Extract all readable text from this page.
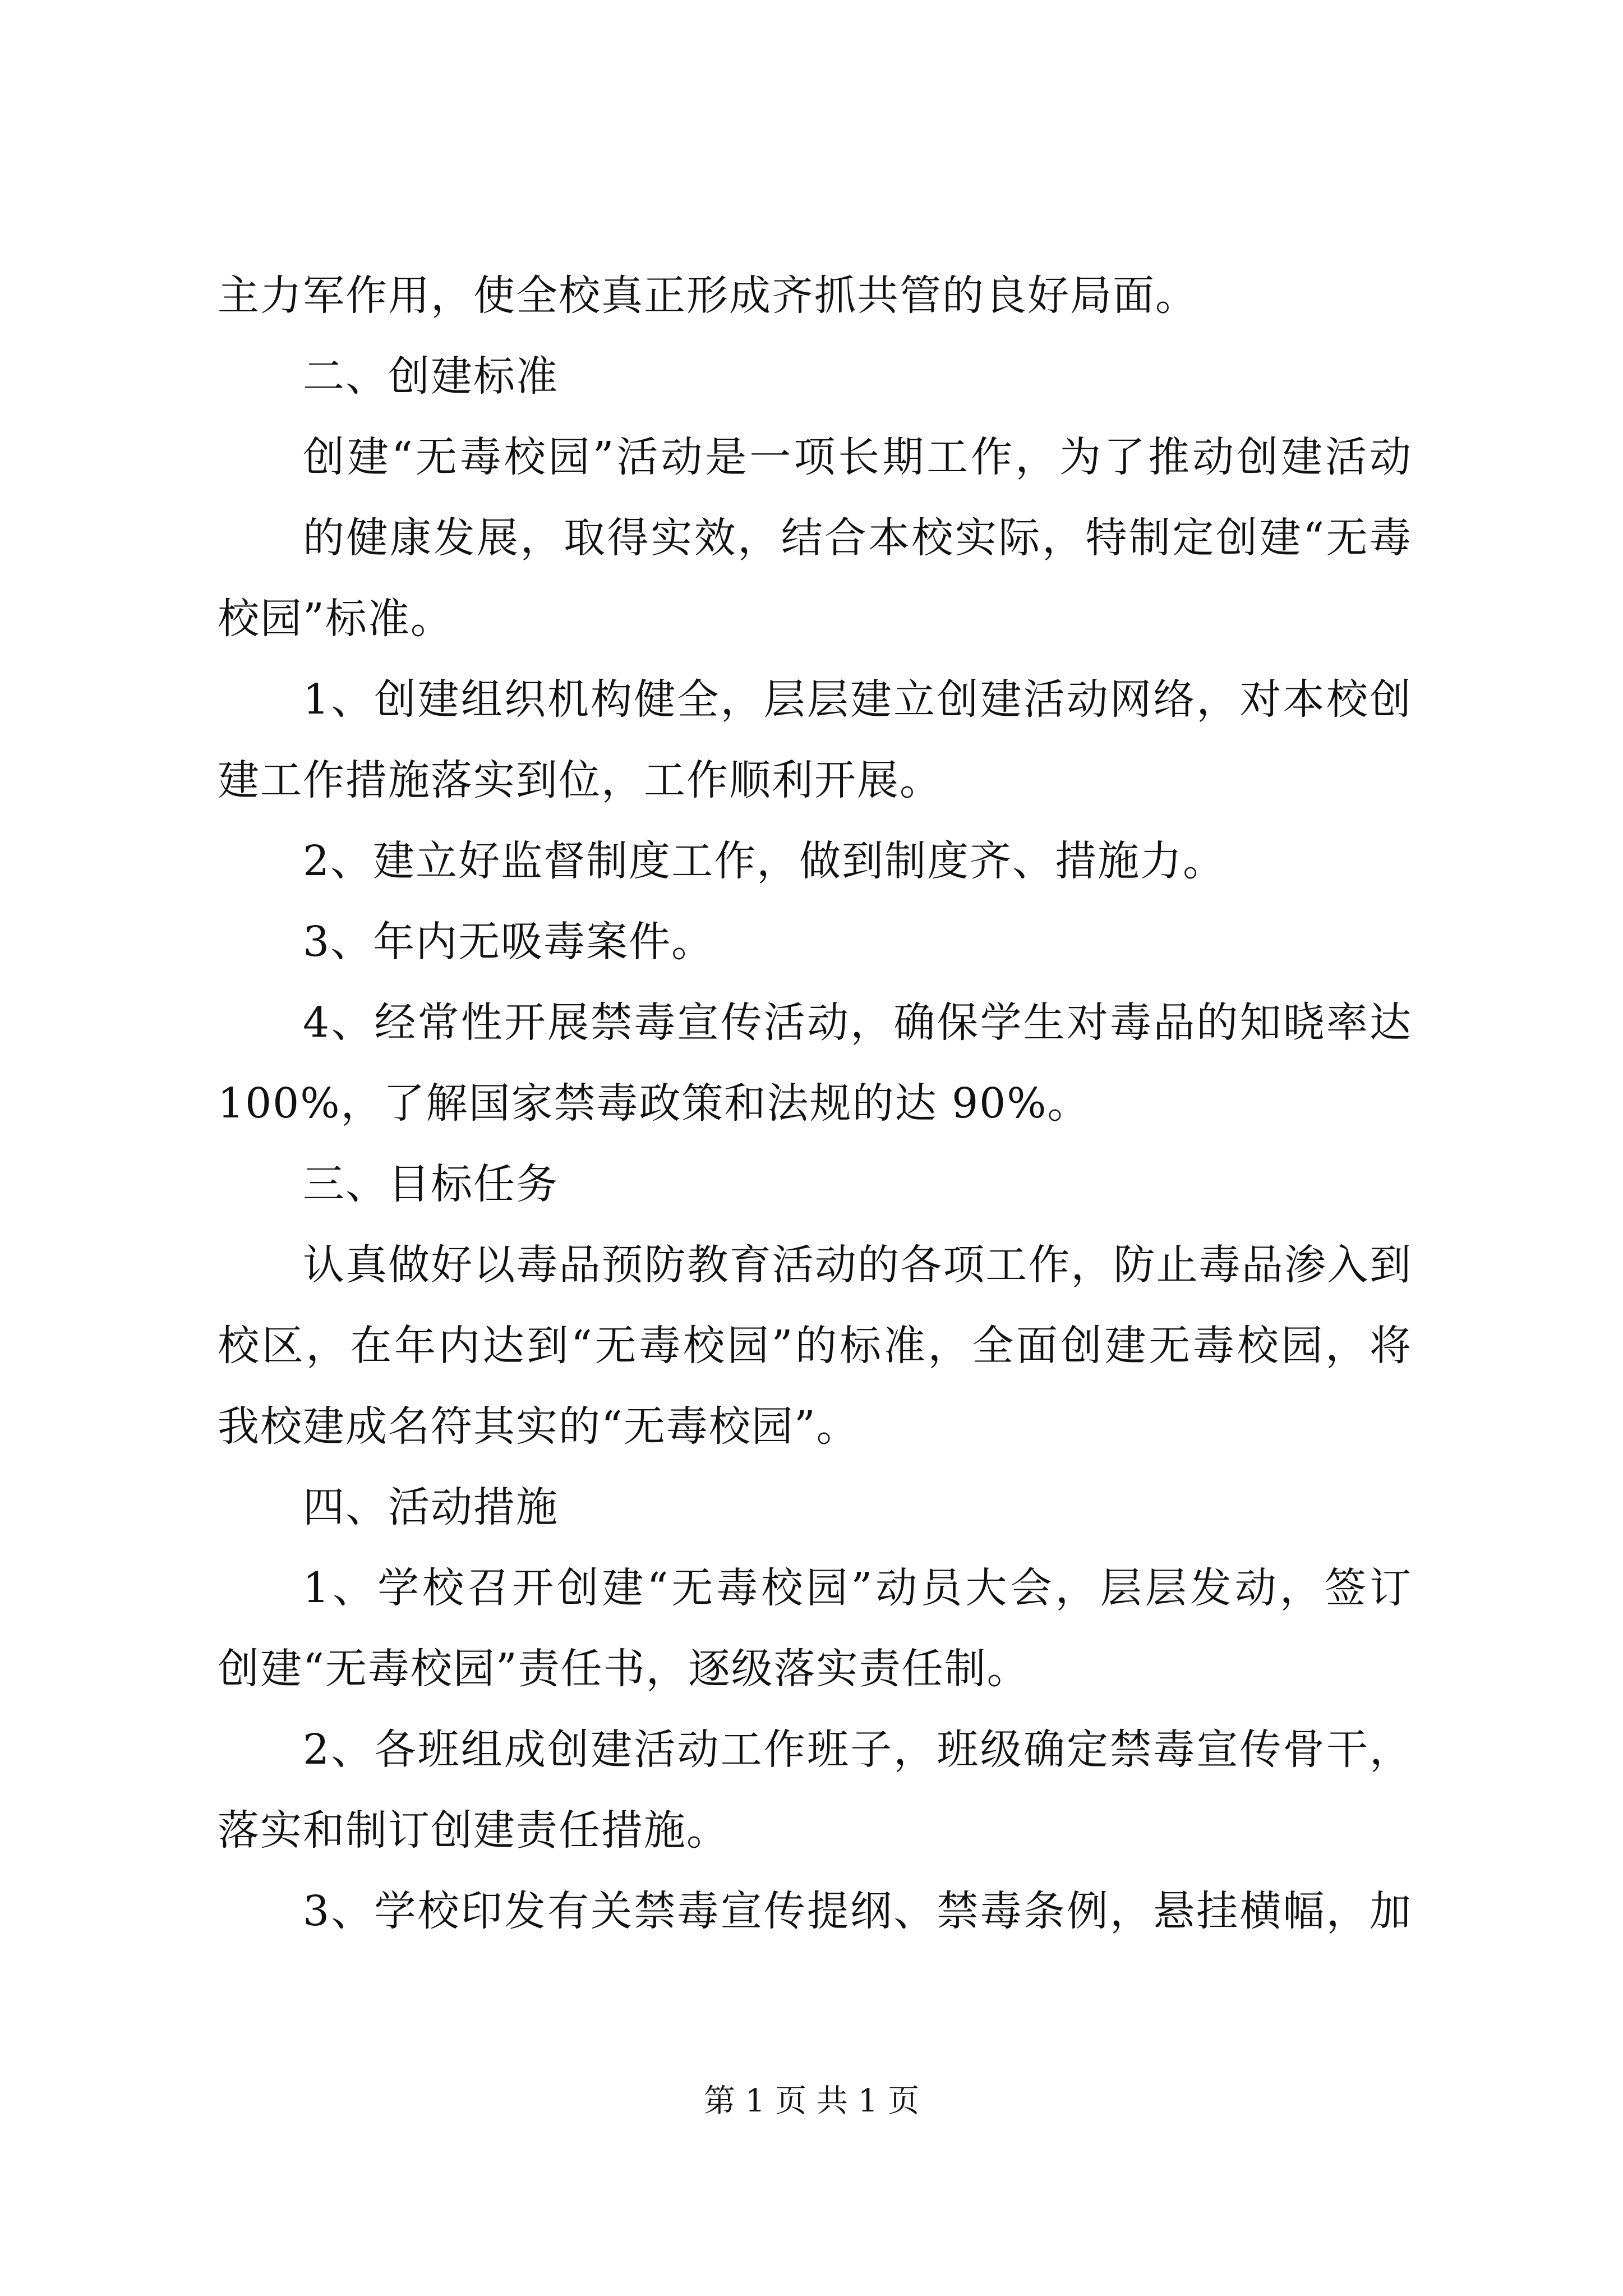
主力军作用，使全校真正形成齐抓共管的良好局面。
二、创建标准
创建“无毒校园”活动是一项长期工作，为了推动创建活动
的健康发展，取得实效，结合本校实际，特制定创建“无毒
校园”标准。
1、创建组织机构健全，层层建立创建活动网络，对本校创
建工作措施落实到位，工作顺利开展。
2、建立好监督制度工作，做到制度齐、措施力。
3、年内无吸毒案件。
4、经常性开展禁毒宣传活动，确保学生对毒品的知晓率达
100%，了解国家禁毒政策和法规的达 90%。
三、目标任务
认真做好以毒品预防教育活动的各项工作，防止毒品渗入到
校区，在年内达到“无毒校园”的标准，全面创建无毒校园，将
我校建成名符其实的“无毒校园”。
四、活动措施
1、学校召开创建“无毒校园”动员大会，层层发动，签订
创建“无毒校园”责任书，逐级落实责任制。
2、各班组成创建活动工作班子，班级确定禁毒宣传骨干，
落实和制订创建责任措施。
3、学校印发有关禁毒宣传提纲、禁毒条例，悬挂横幅，加
第 1 页 共 1 页
